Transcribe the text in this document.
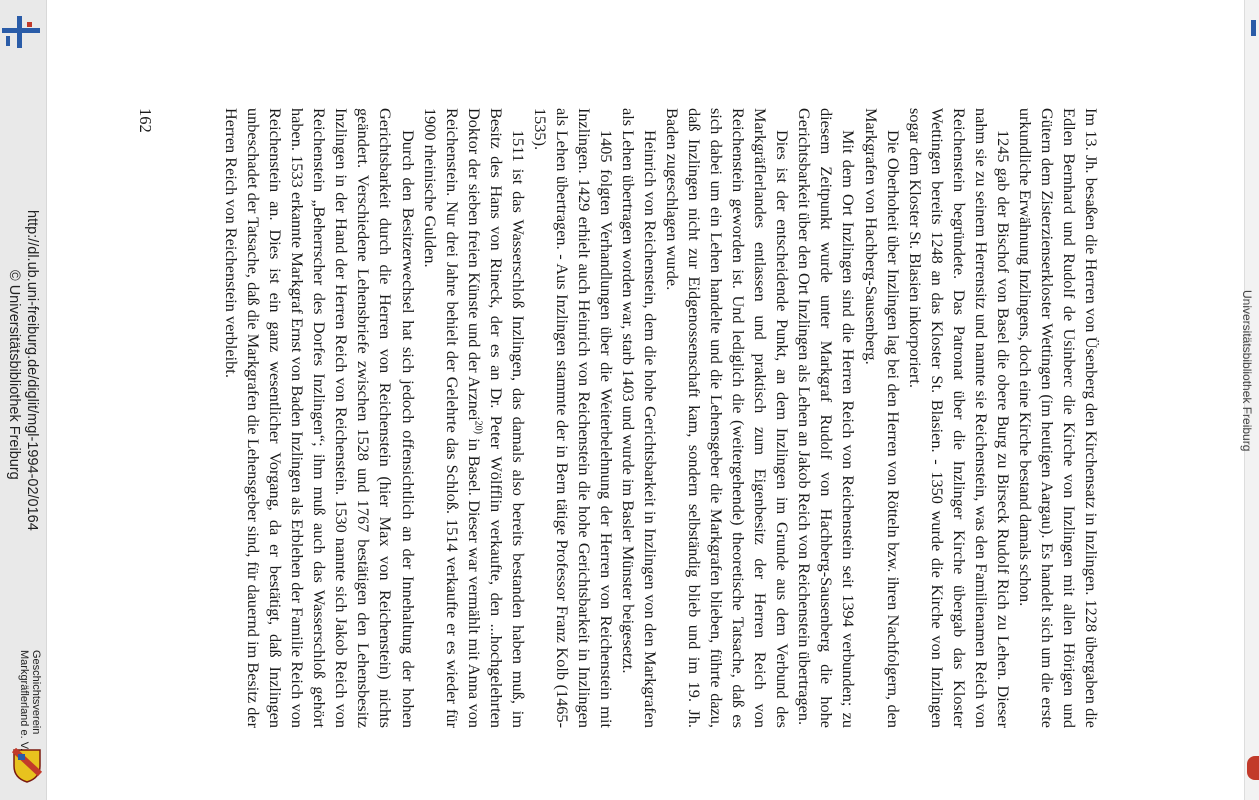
http://dl.ub.uni-freiburg.de/diglit/mgl-1994-02/0164
© Universitätsbibliothek Freiburg
Geschichtsverein
Markgräflerland e. V.
Universitätsbibliothek Freiburg

Im 13. Jh. besaßen die Herren von Üsenberg den Kirchensatz in Inzlingen. 1228 übergaben die Edlen Bernhard und Rudolf de Usinberc die Kirche von Inzlingen mit allen Hörigen und Gütern dem Zisterzienserkloster Wettingen (im heutigen Aargau). Es handelt sich um die erste urkundliche Erwähnung Inzlingens, doch eine Kirche bestand damals schon.

1245 gab der Bischof von Basel die obere Burg zu Birseck Rudolf Rich zu Lehen. Dieser nahm sie zu seinem Herrensitz und nannte sie Reichenstein, was den Familienamen Reich von Reichenstein begründete. Das Patronat über die Inzlinger Kirche übergab das Kloster Wettingen bereits 1248 an das Kloster St. Blasien. - 1350 wurde die Kirche von Inzlingen sogar dem Kloster St. Blasien inkorporiert.

Die Oberhoheit über Inzlingen lag bei den Herren von Rötteln bzw. ihren Nachfolgern, den Markgrafen von Hachberg-Sausenberg.

Mit dem Ort Inzlingen sind die Herren Reich von Reichenstein seit 1394 verbunden; zu diesem Zeitpunkt wurde unter Markgraf Rudolf von Hachberg-Sausenberg die hohe Gerichtsbarkeit über den Ort Inzlingen als Lehen an Jakob Reich von Reichenstein übertragen.

Dies ist der entscheidende Punkt, an dem Inzlingen im Grunde aus dem Verbund des Markgräflerlandes entlassen und praktisch zum Eigenbesitz der Herren Reich von Reichenstein geworden ist. Und lediglich die (weitergehende) theoretische Tatsache, daß es sich dabei um ein Lehen handelte und die Lehensgeber die Markgrafen blieben, führte dazu, daß Inzlingen nicht zur Eidgenossenschaft kam, sondern selbständig blieb und im 19. Jh. Baden zugeschlagen wurde.

Heinrich von Reichenstein, dem die hohe Gerichtsbarkeit in Inzlingen von den Markgrafen als Lehen übertragen worden war, starb 1403 und wurde im Basler Münster beigesetzt.

1405 folgten Verhandlungen über die Weiterbelehnung der Herren von Reichenstein mit Inzlingen. 1429 erhielt auch Heinrich von Reichenstein die hohe Gerichtsbarkeit in Inzlingen als Lehen übertragen. - Aus Inzlingen stammte der in Bern tätige Professor Franz Kolb (1465-1535).

1511 ist das Wasserschloß Inzlingen, das damals also bereits bestanden haben muß, im Besitz des Hans von Rineck, der es an Dr. Peter Wölfflin verkaufte, den ...hochgelehrten Doktor der sieben freien Künste und der Arznei$^{20)}$ in Basel. Dieser war vermählt mit Anna von Reichenstein. Nur drei Jahre behielt der Gelehrte das Schloß. 1514 verkaufte er es wieder für 1900 rheinische Gulden.

Durch den Besitzerwechsel hat sich jedoch offensichtlich an der Innehaltung der hohen Gerichtsbarkeit durch die Herren von Reichenstein (hier Max von Reichenstein) nichts geändert. Verschiedene Lehensbriefe zwischen 1528 und 1767 bestätigen den Lehensbesitz Inzlingen in der Hand der Herren Reich von Reichenstein. 1530 nannte sich Jakob Reich von Reichenstein „Beherrscher des Dorfes Inzlingen“; ihm muß auch das Wasserschloß gehört haben. 1533 erkannte Markgraf Ernst von Baden Inzlingen als Erblehen der Familie Reich von Reichenstein an. Dies ist ein ganz wesentlicher Vorgang, da er bestätigt, daß Inzlingen unbeschadet der Tatsache, daß die Markgrafen die Lehensgeber sind, für dauernd im Besitz der Herren Reich von Reichenstein verbleibt.

162
